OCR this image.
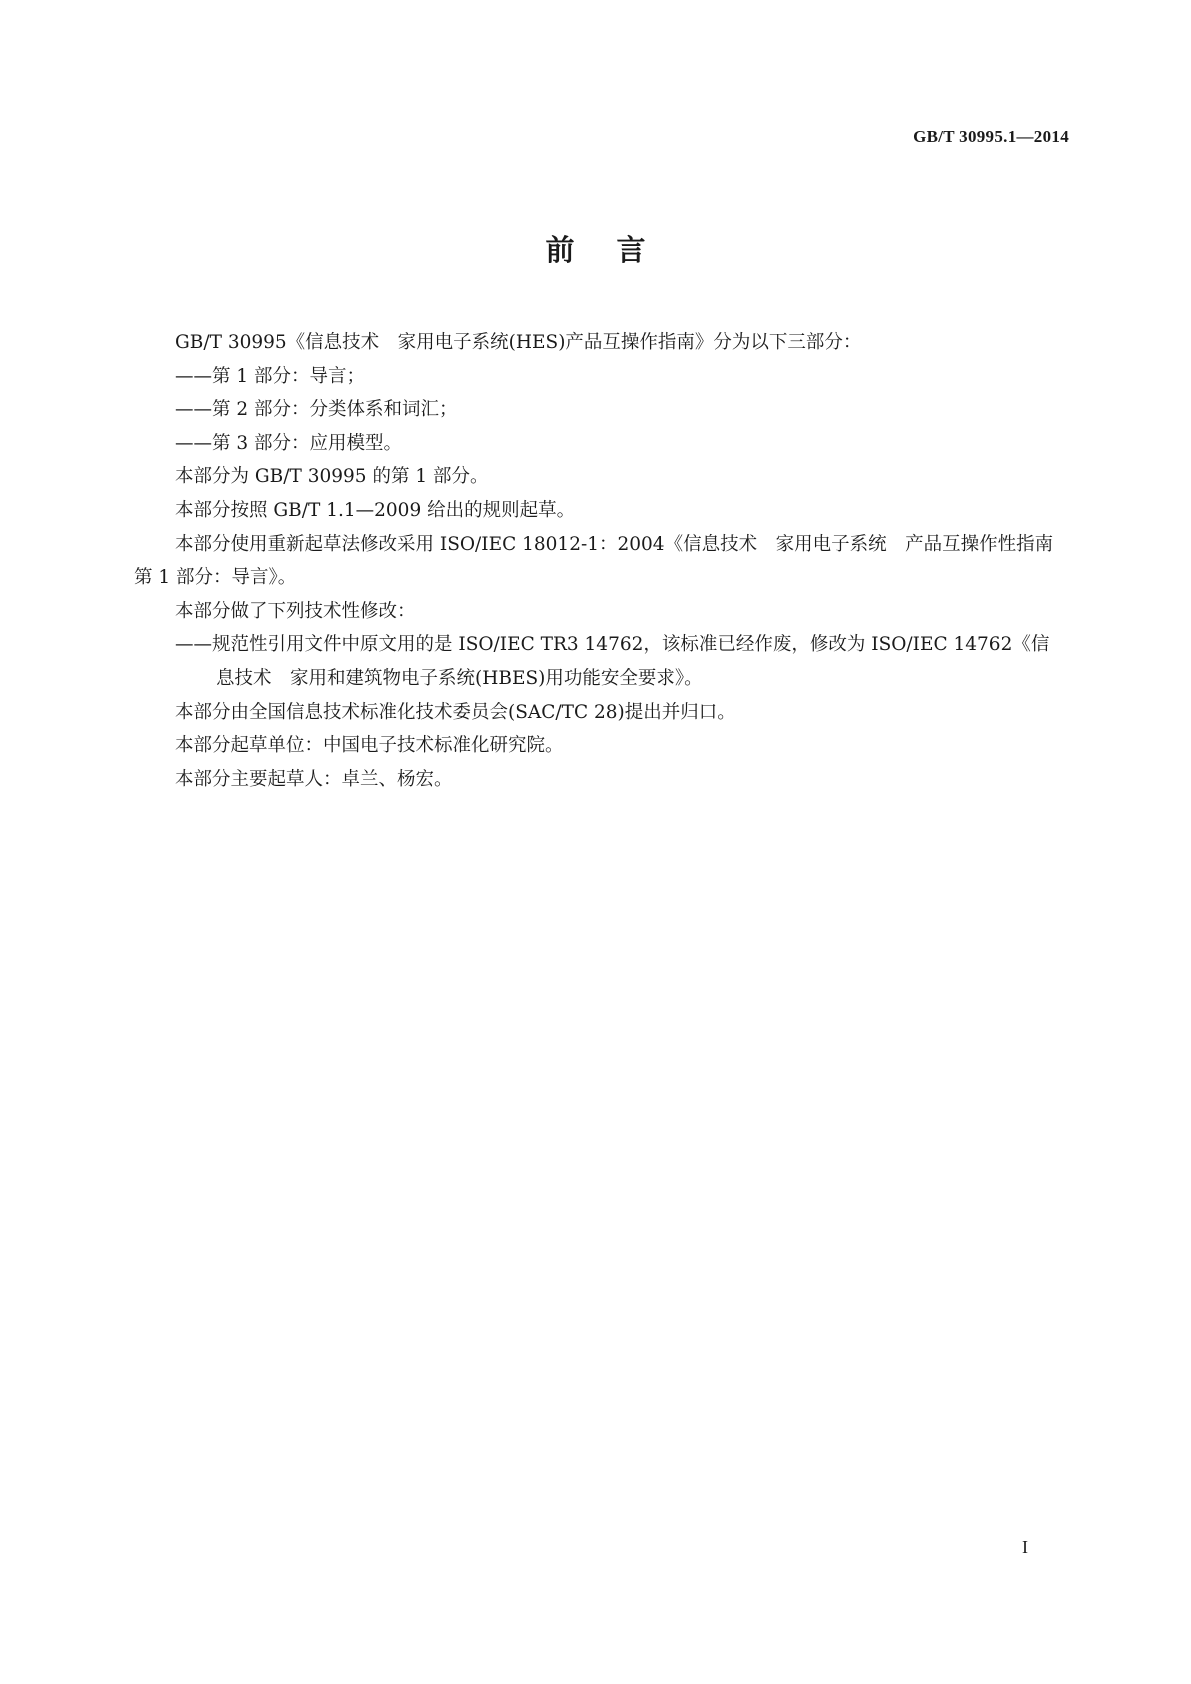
GB/T 30995.1—2014
前言

GB/T 30995《信息技术　家用电子系统(HES)产品互操作指南》分为以下三部分：

——第 1 部分：导言；

——第 2 部分：分类体系和词汇；

——第 3 部分：应用模型。

本部分为 GB/T 30995 的第 1 部分。

本部分按照 GB/T 1.1—2009 给出的规则起草。

本部分使用重新起草法修改采用 ISO/IEC 18012-1：2004《信息技术　家用电子系统　产品互操作性指南　第 1 部分：导言》。

本部分做了下列技术性修改：

——规范性引用文件中原文用的是 ISO/IEC TR3 14762，该标准已经作废，修改为 ISO/IEC 14762《信息技术　家用和建筑物电子系统(HBES)用功能安全要求》。

本部分由全国信息技术标准化技术委员会(SAC/TC 28)提出并归口。

本部分起草单位：中国电子技术标准化研究院。

本部分主要起草人：卓兰、杨宏。

I
